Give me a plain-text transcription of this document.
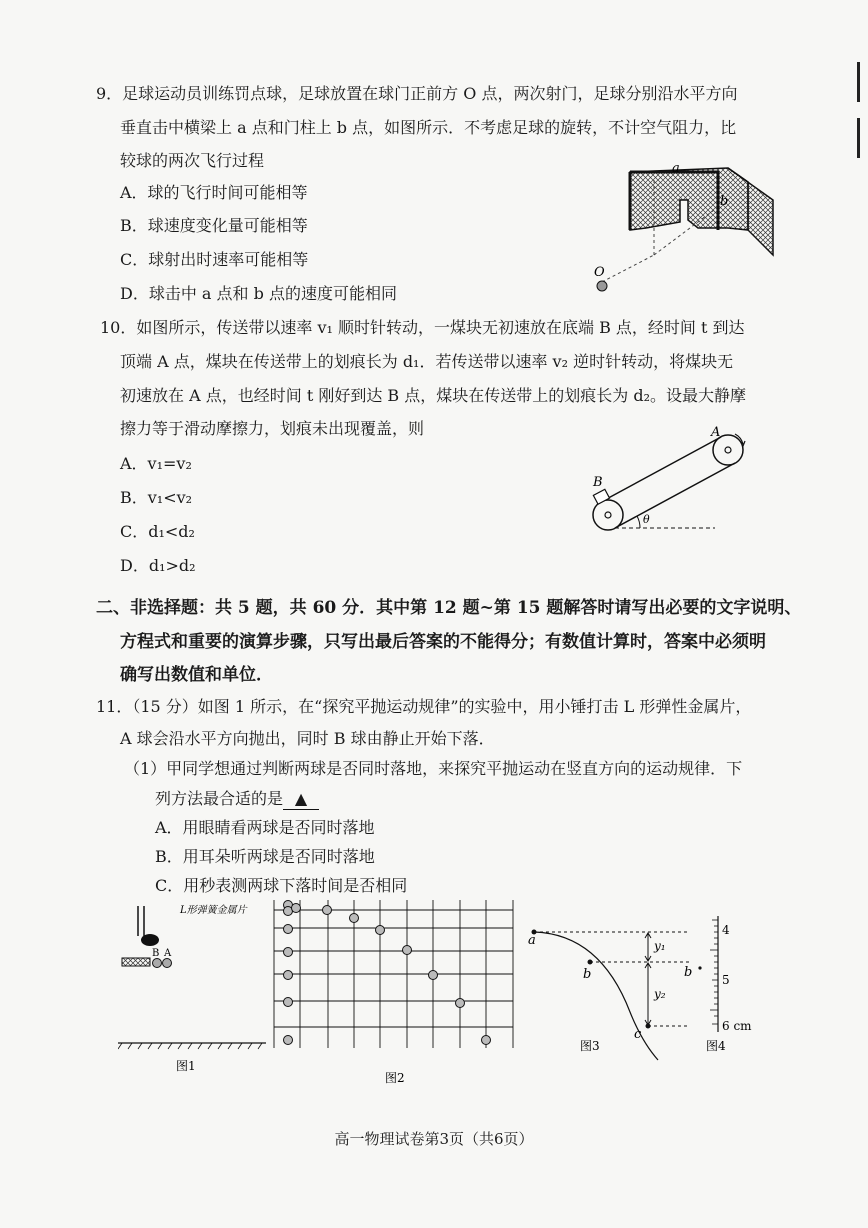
9．足球运动员训练罚点球，足球放置在球门正前方 O 点，两次射门，足球分别沿水平方向
垂直击中横梁上 a 点和门柱上 b 点，如图所示．不考虑足球的旋转，不计空气阻力，比
较球的两次飞行过程
A．球的飞行时间可能相等
B．球速度变化量可能相等
C．球射出时速率可能相等
D．球击中 a 点和 b 点的速度可能相同
a
b
O
10．如图所示，传送带以速率 v₁ 顺时针转动，一煤块无初速放在底端 B 点，经时间 t 到达
顶端 A 点，煤块在传送带上的划痕长为 d₁．若传送带以速率 v₂ 逆时针转动，将煤块无
初速放在 A 点，也经时间 t 刚好到达 B 点，煤块在传送带上的划痕长为 d₂。设最大静摩
擦力等于滑动摩擦力，划痕未出现覆盖，则
A．v₁=v₂
B．v₁<v₂
C．d₁<d₂
D．d₁>d₂
A
B
θ
二、非选择题：共 5 题，共 60 分．其中第 12 题~第 15 题解答时请写出必要的文字说明、
方程式和重要的演算步骤，只写出最后答案的不能得分；有数值计算时，答案中必须明
确写出数值和单位．
11．（15 分）如图 1 所示，在“探究平抛运动规律”的实验中，用小锤打击 L 形弹性金属片，
A 球会沿水平方向抛出，同时 B 球由静止开始下落．
（1）甲同学想通过判断两球是否同时落地，来探究平抛运动在竖直方向的运动规律．下
列方法最合适的是 ▲
A．用眼睛看两球是否同时落地
B．用耳朵听两球是否同时落地
C．用秒表测两球下落时间是否相同
L形弹簧金属片
B A
图1
图2
a
b
c
y₁
y₂
图3
b
4
5
6 cm
图4
高一物理试卷第3页（共6页）
